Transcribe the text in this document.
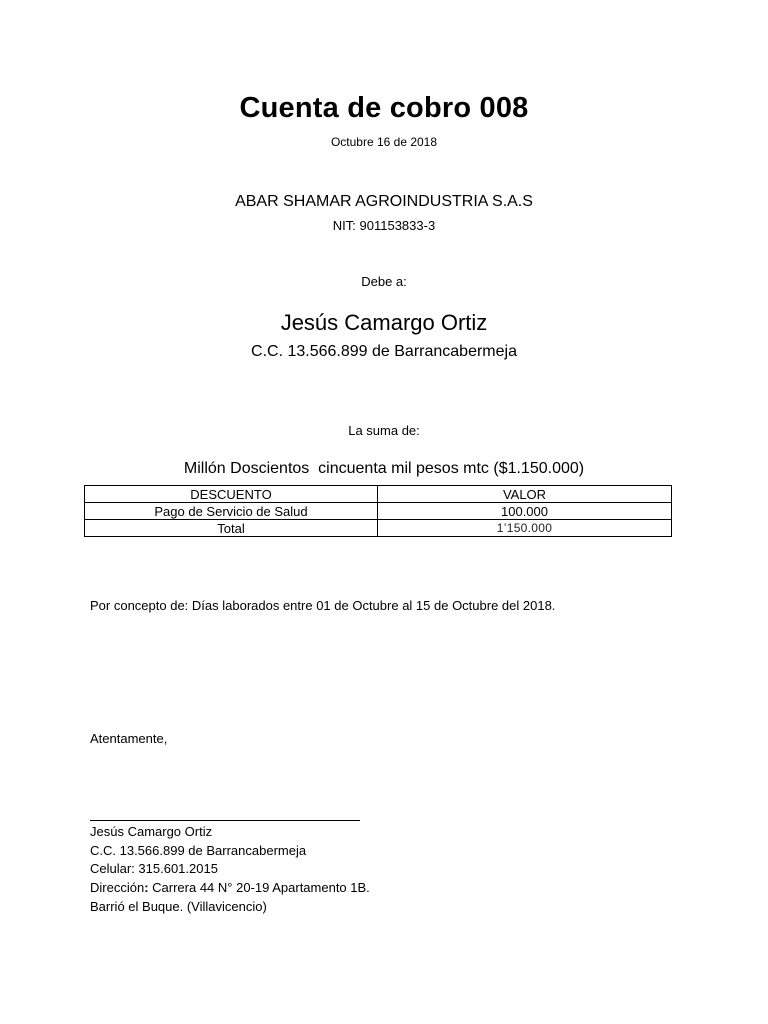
Cuenta de cobro 008
Octubre 16 de 2018
ABAR SHAMAR AGROINDUSTRIA S.A.S
NIT: 901153833-3
Debe a:
Jesús Camargo Ortiz
C.C. 13.566.899 de Barrancabermeja
La suma de:
Millón Doscientos  cincuenta mil pesos mtc ($1.150.000)
DESCUENTO	VALOR
Pago de Servicio de Salud	100.000
Total	1’150.000
Por concepto de: Días laborados entre 01 de Octubre al 15 de Octubre del 2018.
Atentamente,
Jesús Camargo Ortiz
C.C. 13.566.899 de Barrancabermeja
Celular: 315.601.2015
Dirección: Carrera 44 N° 20-19 Apartamento 1B.
Barrió el Buque. (Villavicencio)
